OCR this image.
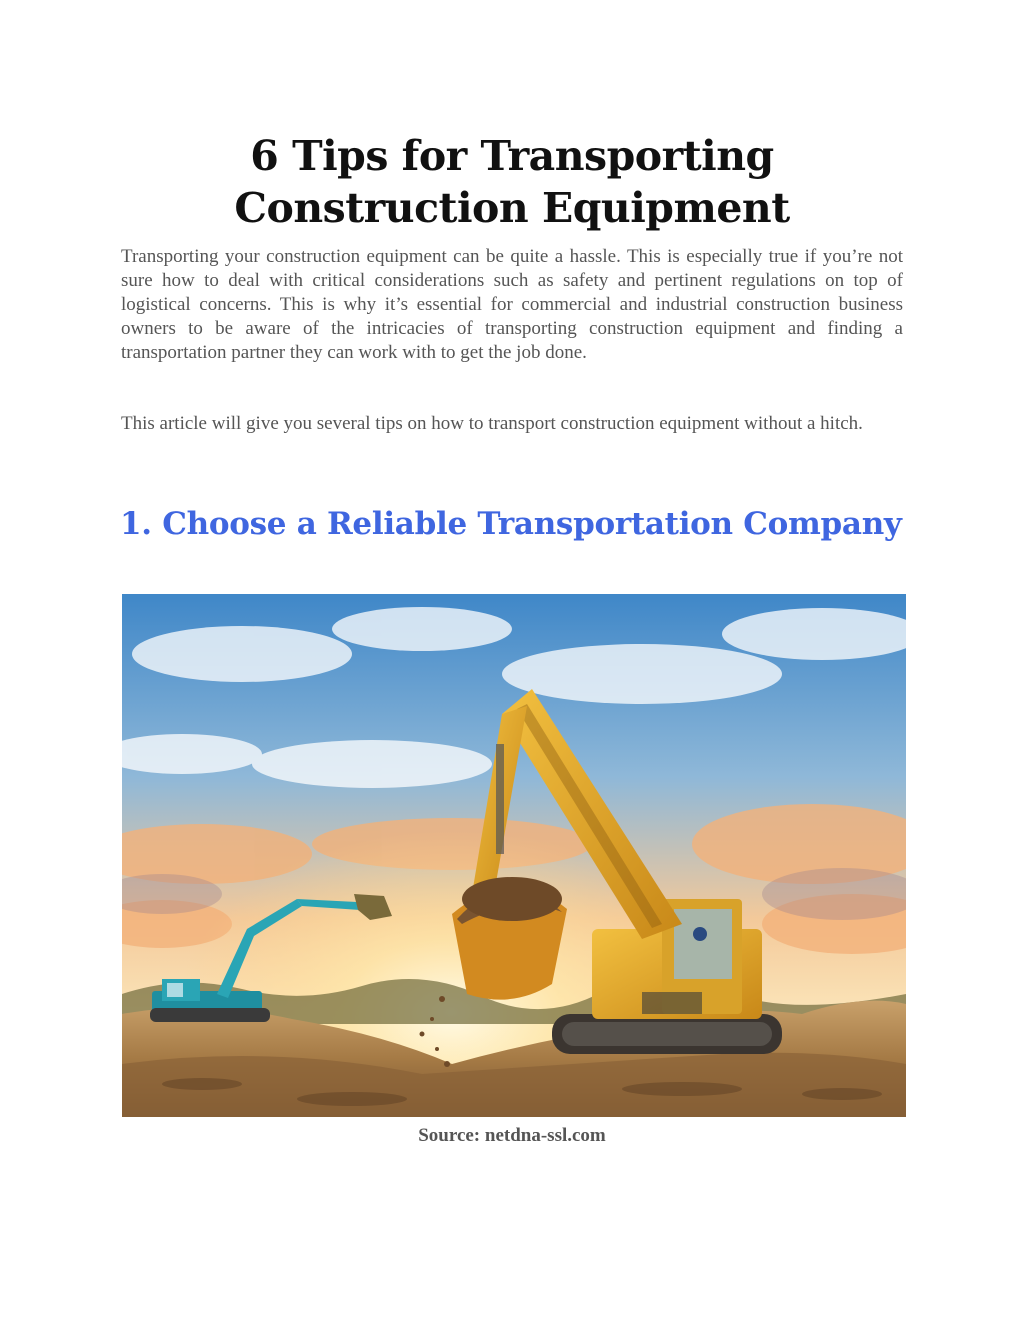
6 Tips for Transporting
Construction Equipment

Transporting your construction equipment can be quite a hassle. This is especially true if you’re not sure how to deal with critical considerations such as safety and pertinent regulations on top of logistical concerns. This is why it’s essential for commercial and industrial construction business owners to be aware of the intricacies of transporting construction equipment and finding a transportation partner they can work with to get the job done.

This article will give you several tips on how to transport construction equipment without a hitch.

1. Choose a Reliable Transportation Company

Source: netdna-ssl.com
